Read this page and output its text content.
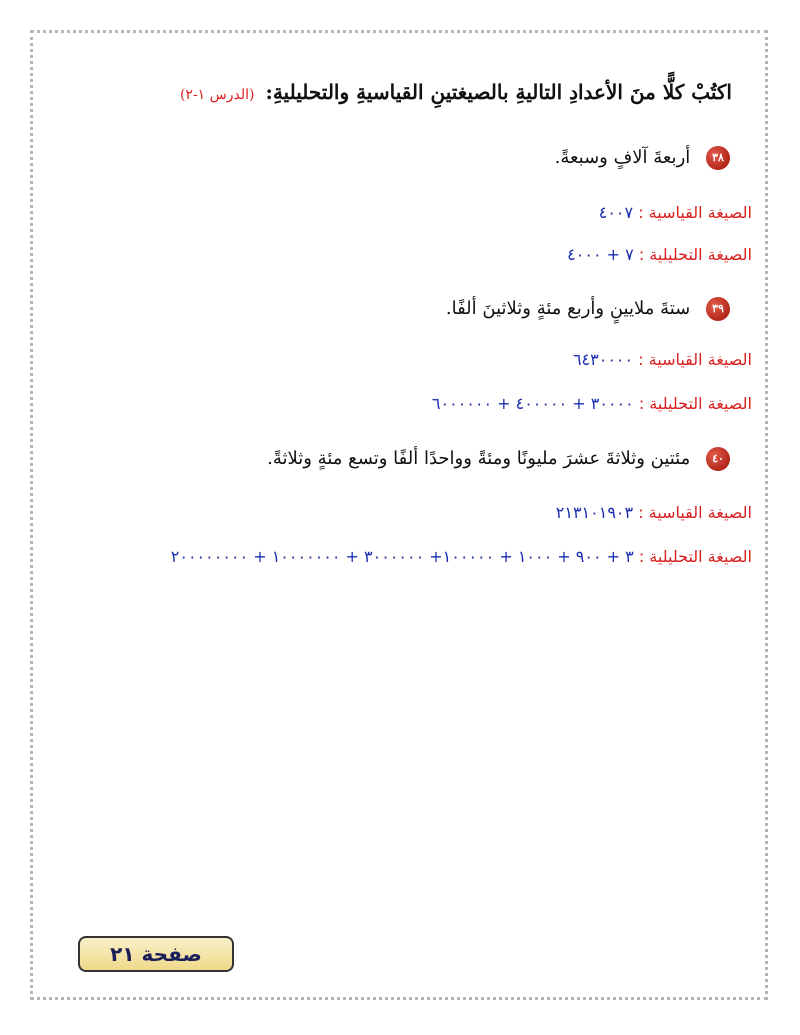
اكتُبْ كلًّا منَ الأعدادِ التاليةِ بالصيغتينِ القياسيةِ والتحليليةِ: (الدرس ١-٢)
٣٨ أربعةَ آلافٍ وسبعةً.
الصيغة القياسية : ٤٠٠٧
الصيغة التحليلية : ٧ + ٤٠٠٠
٣٩ ستةَ ملايينٍ وأربع مئةٍ وثلاثينَ ألفًا.
الصيغة القياسية : ٦٤٣٠٠٠٠
الصيغة التحليلية : ٣٠٠٠٠ + ٤٠٠٠٠٠ + ٦٠٠٠٠٠٠
٤٠ مئتين وثلاثةَ عشرَ مليونًا ومئةً وواحدًا ألفًا وتسع مئةٍ وثلاثةً.
الصيغة القياسية : ٢١٣١٠١٩٠٣
الصيغة التحليلية : ٣ + ٩٠٠ + ١٠٠٠ + ١٠٠٠٠٠+ ٣٠٠٠٠٠٠ + ١٠٠٠٠٠٠٠ + ٢٠٠٠٠٠٠٠٠
صفحة ٢١
